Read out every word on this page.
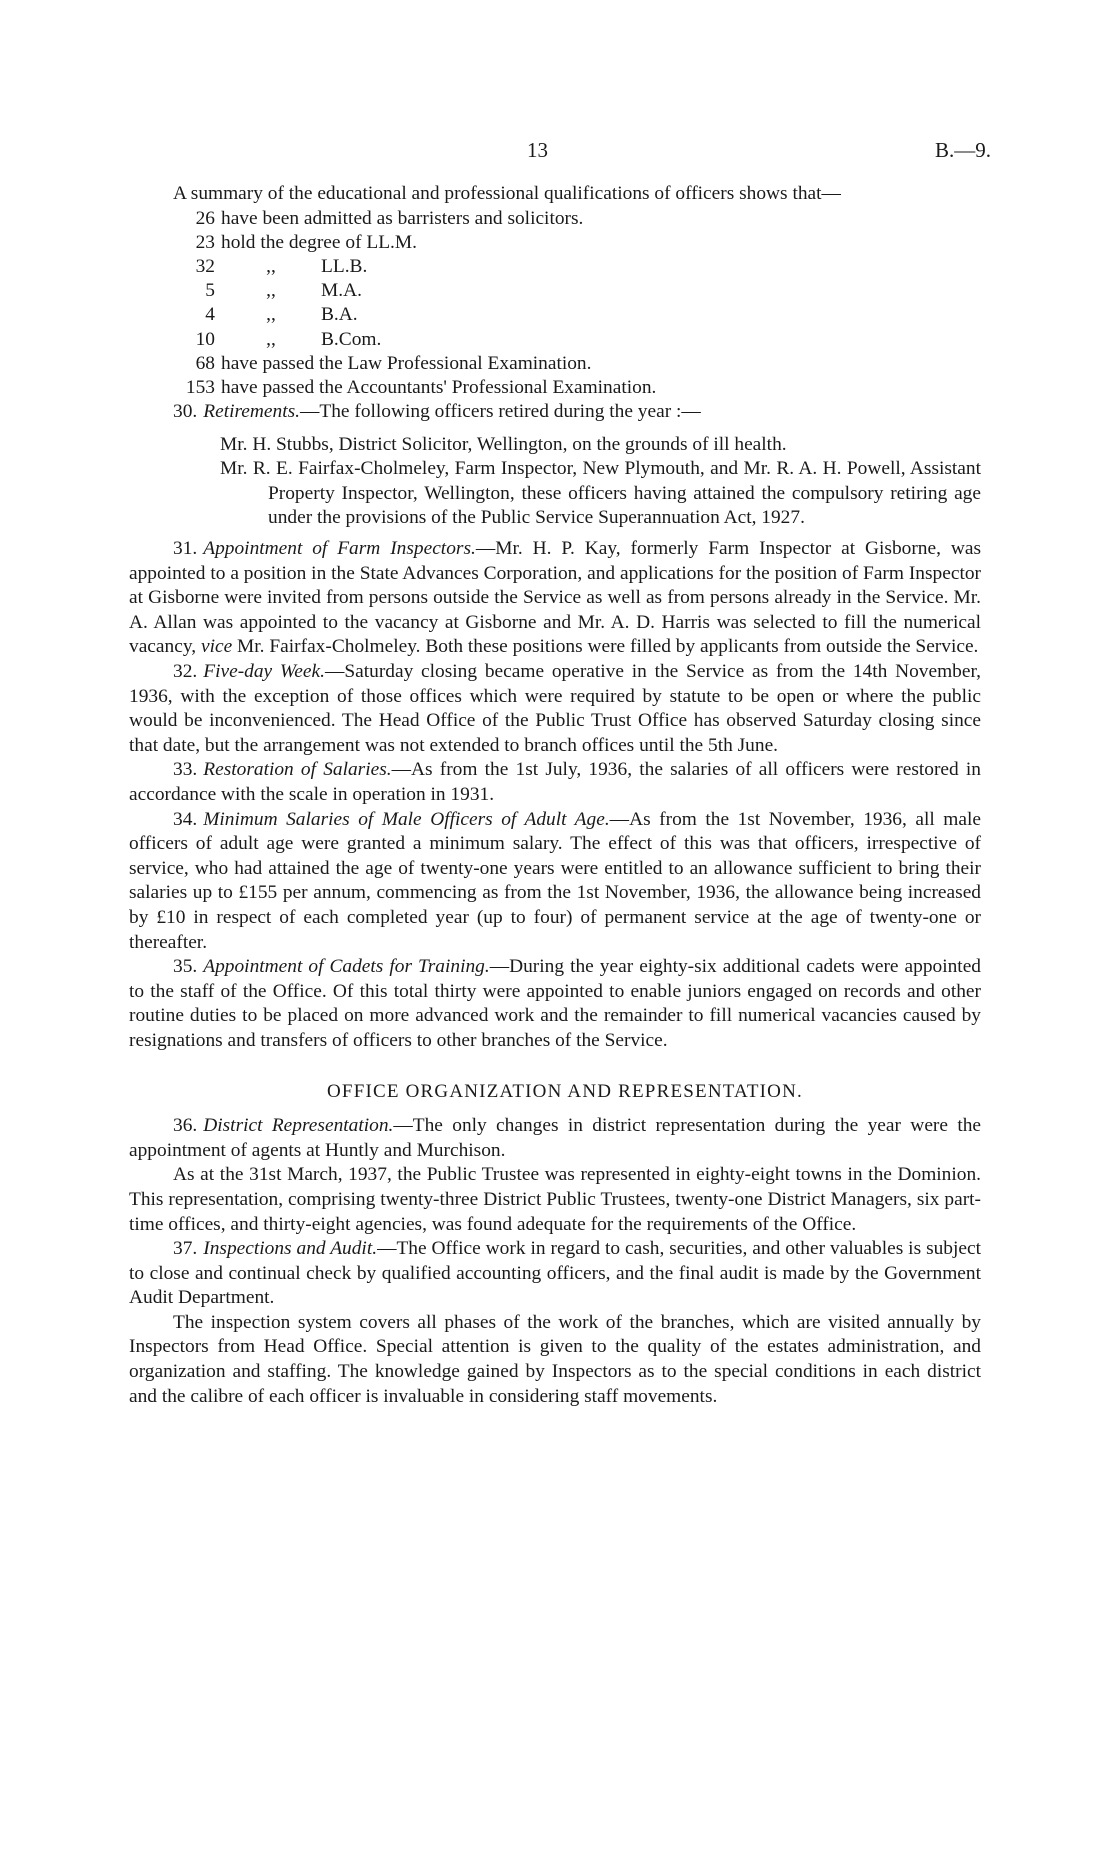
13	B.—9.

A summary of the educational and professional qualifications of officers shows that—

26 have been admitted as barristers and solicitors.
23 hold the degree of LL.M.
32	,,	LL.B.
5	,,	M.A.
4	,,	B.A.
10	,,	B.Com.
68 have passed the Law Professional Examination.
153 have passed the Accountants' Professional Examination.

30. Retirements.—The following officers retired during the year :—

Mr. H. Stubbs, District Solicitor, Wellington, on the grounds of ill health.
Mr. R. E. Fairfax-Cholmeley, Farm Inspector, New Plymouth, and Mr. R. A. H. Powell, Assistant Property Inspector, Wellington, these officers having attained the compulsory retiring age under the provisions of the Public Service Superannuation Act, 1927.

31. Appointment of Farm Inspectors.—Mr. H. P. Kay, formerly Farm Inspector at Gisborne, was appointed to a position in the State Advances Corporation, and applications for the position of Farm Inspector at Gisborne were invited from persons outside the Service as well as from persons already in the Service. Mr. A. Allan was appointed to the vacancy at Gisborne and Mr. A. D. Harris was selected to fill the numerical vacancy, vice Mr. Fairfax-Cholmeley. Both these positions were filled by applicants from outside the Service.

32. Five-day Week.—Saturday closing became operative in the Service as from the 14th November, 1936, with the exception of those offices which were required by statute to be open or where the public would be inconvenienced. The Head Office of the Public Trust Office has observed Saturday closing since that date, but the arrangement was not extended to branch offices until the 5th June.

33. Restoration of Salaries.—As from the 1st July, 1936, the salaries of all officers were restored in accordance with the scale in operation in 1931.

34. Minimum Salaries of Male Officers of Adult Age.—As from the 1st November, 1936, all male officers of adult age were granted a minimum salary. The effect of this was that officers, irrespective of service, who had attained the age of twenty-one years were entitled to an allowance sufficient to bring their salaries up to £155 per annum, commencing as from the 1st November, 1936, the allowance being increased by £10 in respect of each completed year (up to four) of permanent service at the age of twenty-one or thereafter.

35. Appointment of Cadets for Training.—During the year eighty-six additional cadets were appointed to the staff of the Office. Of this total thirty were appointed to enable juniors engaged on records and other routine duties to be placed on more advanced work and the remainder to fill numerical vacancies caused by resignations and transfers of officers to other branches of the Service.

OFFICE ORGANIZATION AND REPRESENTATION.

36. District Representation.—The only changes in district representation during the year were the appointment of agents at Huntly and Murchison.

As at the 31st March, 1937, the Public Trustee was represented in eighty-eight towns in the Dominion. This representation, comprising twenty-three District Public Trustees, twenty-one District Managers, six part-time offices, and thirty-eight agencies, was found adequate for the requirements of the Office.

37. Inspections and Audit.—The Office work in regard to cash, securities, and other valuables is subject to close and continual check by qualified accounting officers, and the final audit is made by the Government Audit Department.

The inspection system covers all phases of the work of the branches, which are visited annually by Inspectors from Head Office. Special attention is given to the quality of the estates administration, and organization and staffing. The knowledge gained by Inspectors as to the special conditions in each district and the calibre of each officer is invaluable in considering staff movements.
